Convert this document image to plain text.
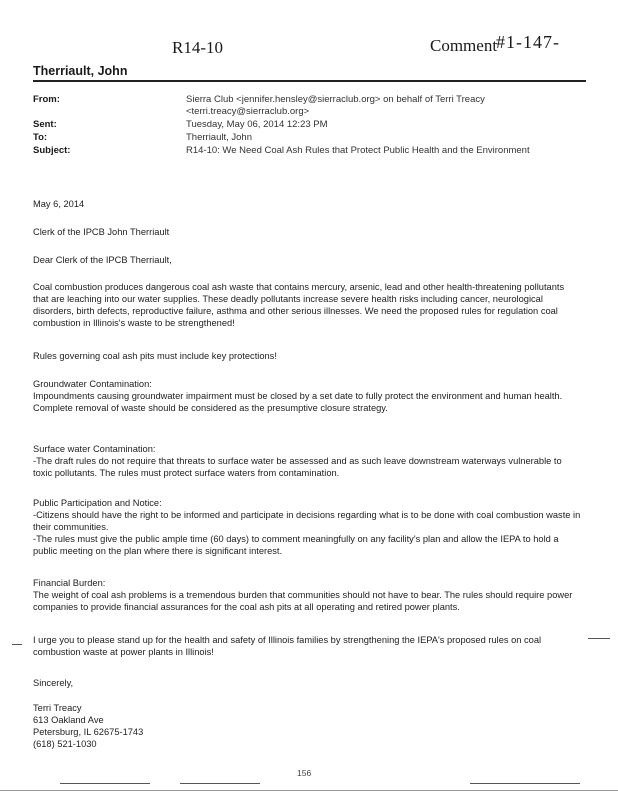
R14-10	Comment
#1-147-
Therriault, John
From:	Sierra Club <jennifer.hensley@sierraclub.org> on behalf of Terri Treacy
<terri.treacy@sierraclub.org>
Sent:	Tuesday, May 06, 2014 12:23 PM
To:	Therriault, John
Subject:	R14-10: We Need Coal Ash Rules that Protect Public Health and the Environment
May 6, 2014
Clerk of the IPCB John Therriault
Dear Clerk of the IPCB Therriault,

Coal combustion produces dangerous coal ash waste that contains mercury, arsenic, lead and other health-threatening pollutants that are leaching into our water supplies. These deadly pollutants increase severe health risks including cancer, neurological disorders, birth defects, reproductive failure, asthma and other serious illnesses. We need the proposed rules for regulation coal combustion in Illinois's waste to be strengthened!

Rules governing coal ash pits must include key protections!

Groundwater Contamination:

Impoundments causing groundwater impairment must be closed by a set date to fully protect the environment and human health.

Complete removal of waste should be considered as the presumptive closure strategy.

Surface water Contamination:

-The draft rules do not require that threats to surface water be assessed and as such leave downstream waterways vulnerable to toxic pollutants. The rules must protect surface waters from contamination.

Public Participation and Notice:

-Citizens should have the right to be informed and participate in decisions regarding what is to be done with coal combustion waste in their communities.

-The rules must give the public ample time (60 days) to comment meaningfully on any facility's plan and allow the IEPA to hold a public meeting on the plan where there is significant interest.

Financial Burden:

The weight of coal ash problems is a tremendous burden that communities should not have to bear. The rules should require power companies to provide financial assurances for the coal ash pits at all operating and retired power plants.

I urge you to please stand up for the health and safety of Illinois families by strengthening the IEPA's proposed rules on coal combustion waste at power plants in Illinois!

Sincerely,

Terri Treacy

613 Oakland Ave

Petersburg, IL 62675-1743

(618) 521-1030

156
